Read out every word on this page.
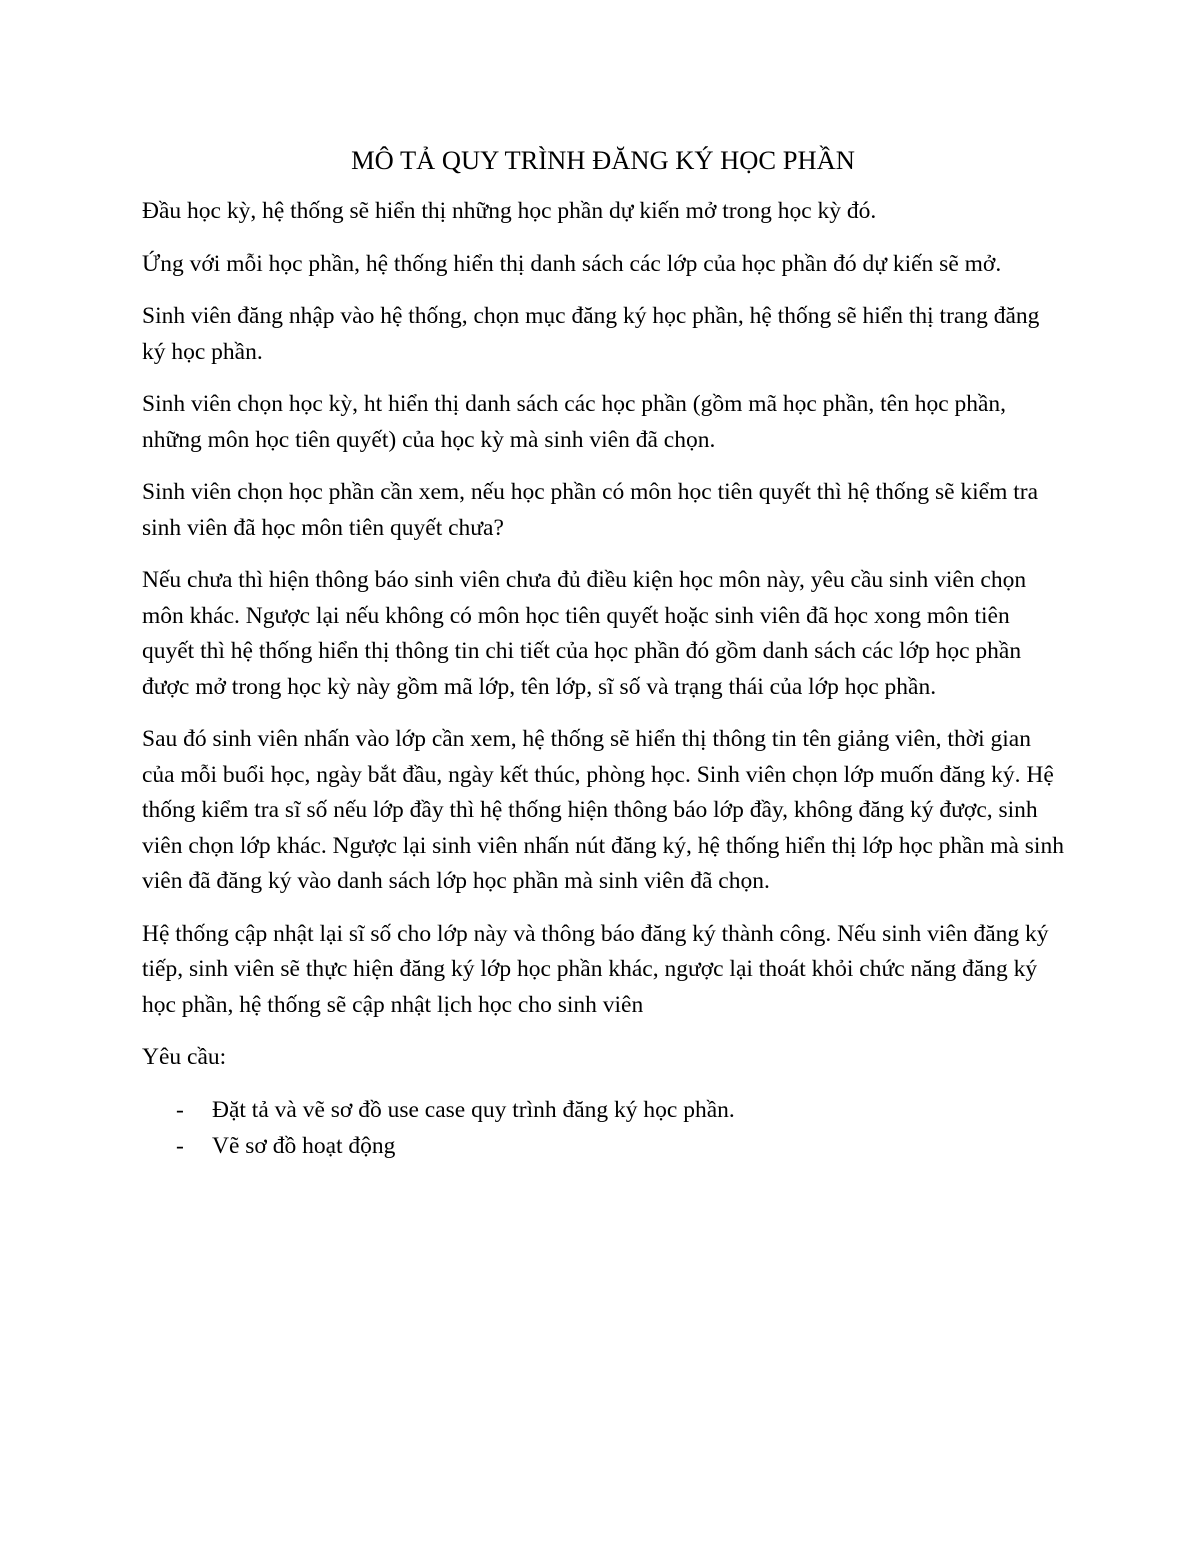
MÔ TẢ QUY TRÌNH ĐĂNG KÝ HỌC PHẦN

Đầu học kỳ, hệ thống sẽ hiển thị những học phần dự kiến mở trong học kỳ đó.

Ứng với mỗi học phần, hệ thống hiển thị danh sách các lớp của học phần đó dự kiến sẽ mở.

Sinh viên đăng nhập vào hệ thống, chọn mục đăng ký học phần, hệ thống sẽ hiển thị trang đăng ký học phần.

Sinh viên chọn học kỳ, ht hiển thị danh sách các học phần (gồm mã học phần, tên học phần, những môn học tiên quyết) của học kỳ mà sinh viên đã chọn.

Sinh viên chọn học phần cần xem, nếu học phần có môn học tiên quyết thì hệ thống sẽ kiểm tra sinh viên đã học môn tiên quyết chưa?

Nếu chưa thì hiện thông báo sinh viên chưa đủ điều kiện học môn này, yêu cầu sinh viên chọn môn khác. Ngược lại nếu không có môn học tiên quyết hoặc sinh viên đã học xong môn tiên quyết thì hệ thống hiển thị thông tin chi tiết của học phần đó gồm danh sách các lớp học phần được mở trong học kỳ này gồm mã lớp, tên lớp, sĩ số và trạng thái của lớp học phần.

Sau đó sinh viên nhấn vào lớp cần xem, hệ thống sẽ hiển thị thông tin tên giảng viên, thời gian của mỗi buổi học, ngày bắt đầu, ngày kết thúc, phòng học. Sinh viên chọn lớp muốn đăng ký. Hệ thống kiểm tra sĩ số nếu lớp đầy thì hệ thống hiện thông báo lớp đầy, không đăng ký được, sinh viên chọn lớp khác. Ngược lại sinh viên nhấn nút đăng ký, hệ thống hiển thị lớp học phần mà sinh viên đã đăng ký vào danh sách lớp học phần mà sinh viên đã chọn.

Hệ thống cập nhật lại sĩ số cho lớp này và thông báo đăng ký thành công. Nếu sinh viên đăng ký tiếp, sinh viên sẽ thực hiện đăng ký lớp học phần khác, ngược lại thoát khỏi chức năng đăng ký học phần, hệ thống sẽ cập nhật lịch học cho sinh viên

Yêu cầu:

- Đặt tả và vẽ sơ đồ use case quy trình đăng ký học phần.
- Vẽ sơ đồ hoạt động
